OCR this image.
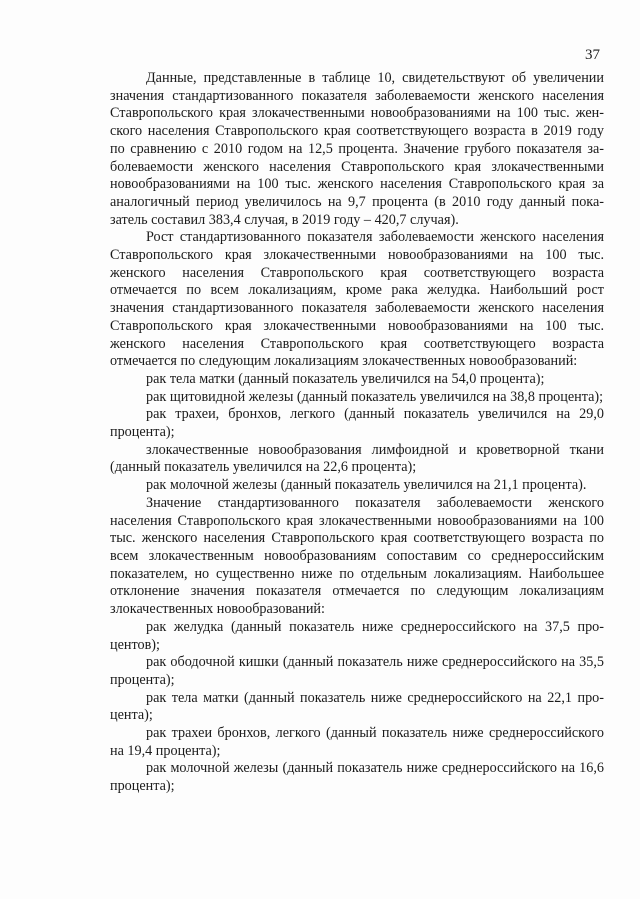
37

Данные, представленные в таблице 10, свидетельствуют об увеличении значения стандартизованного показателя заболеваемости женского населения Ставропольского края злокачественными новообразованиями на 100 тыс. женского населения Ставропольского края соответствующего возраста в 2019 году по сравнению с 2010 годом на 12,5 процента. Значение грубого показателя заболеваемости женского населения Ставропольского края злокачественными новообразованиями на 100 тыс. женского населения Ставропольского края за аналогичный период увеличилось на 9,7 процента (в 2010 году данный показатель составил 383,4 случая, в 2019 году – 420,7 случая).

Рост стандартизованного показателя заболеваемости женского населения Ставропольского края злокачественными новообразованиями на 100 тыс. женского населения Ставропольского края соответствующего возраста отмечается по всем локализациям, кроме рака желудка. Наибольший рост значения стандартизованного показателя заболеваемости женского населения Ставропольского края злокачественными новообразованиями на 100 тыс. женского населения Ставропольского края соответствующего возраста отмечается по следующим локализациям злокачественных новообразований:

рак тела матки (данный показатель увеличился на 54,0 процента);

рак щитовидной железы (данный показатель увеличился на 38,8 процента);

рак трахеи, бронхов, легкого (данный показатель увеличился на 29,0 процента);

злокачественные новообразования лимфоидной и кроветворной ткани (данный показатель увеличился на 22,6 процента);

рак молочной железы (данный показатель увеличился на 21,1 процента).

Значение стандартизованного показателя заболеваемости женского населения Ставропольского края злокачественными новообразованиями на 100 тыс. женского населения Ставропольского края соответствующего возраста по всем злокачественным новообразованиям сопоставим со среднероссийским показателем, но существенно ниже по отдельным локализациям. Наибольшее отклонение значения показателя отмечается по следующим локализациям злокачественных новообразований:

рак желудка (данный показатель ниже среднероссийского на 37,5 процентов);

рак ободочной кишки (данный показатель ниже среднероссийского на 35,5 процента);

рак тела матки (данный показатель ниже среднероссийского на 22,1 процента);

рак трахеи бронхов, легкого (данный показатель ниже среднероссийского на 19,4 процента);

рак молочной железы (данный показатель ниже среднероссийского на 16,6 процента);
